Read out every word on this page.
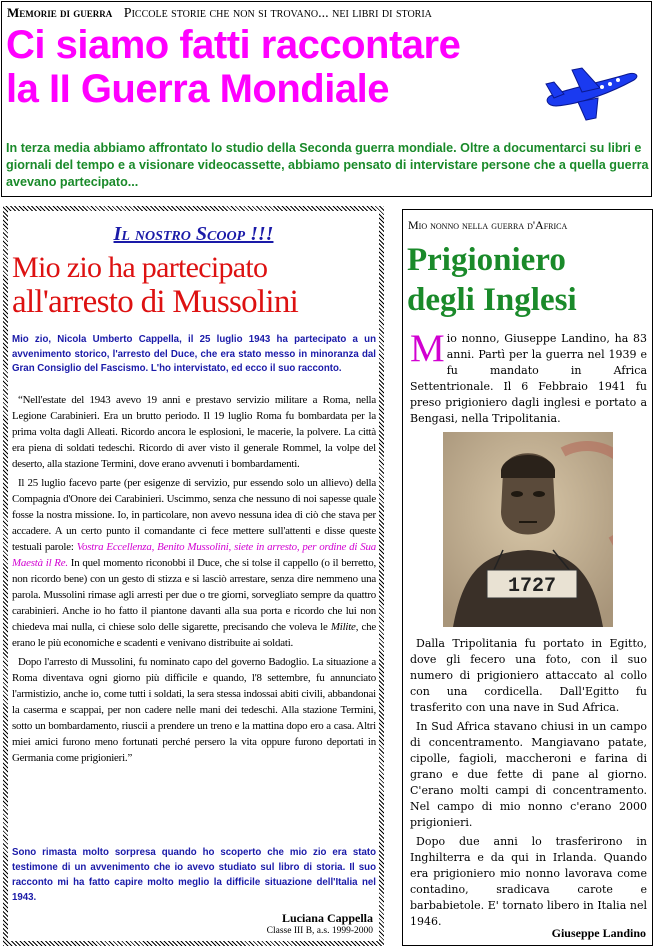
Memorie di guerra Piccole storie che non si trovano... nei libri di storia
Ci siamo fatti raccontare
la II Guerra Mondiale
In terza media abbiamo affrontato lo studio della Seconda guerra mondiale. Oltre a documentarci su libri e giornali del tempo e a visionare videocassette, abbiamo pensato di intervistare persone che a quella guerra avevano partecipato...
Il nostro Scoop !!!
Mio zio ha partecipato
all'arresto di Mussolini
Mio zio, Nicola Umberto Cappella, il 25 luglio 1943 ha partecipato a un avvenimento storico, l'arresto del Duce, che era stato messo in minoranza dal Gran Consiglio del Fascismo. L'ho intervistato, ed ecco il suo racconto.

“Nell'estate del 1943 avevo 19 anni e prestavo servizio militare a Roma, nella Legione Carabinieri. Era un brutto periodo. Il 19 luglio Roma fu bombardata per la prima volta dagli Alleati. Ricordo ancora le esplosioni, le macerie, la polvere. La città era piena di soldati tedeschi. Ricordo di aver visto il generale Rommel, la volpe del deserto, alla stazione Termini, dove erano avvenuti i bombardamenti.

Il 25 luglio facevo parte (per esigenze di servizio, pur essendo solo un allievo) della Compagnia d'Onore dei Carabinieri. Uscimmo, senza che nessuno di noi sapesse quale fosse la nostra missione. Io, in particolare, non avevo nessuna idea di ciò che stava per accadere. A un certo punto il comandante ci fece mettere sull'attenti e disse queste testuali parole: Vostra Eccellenza, Benito Mussolini, siete in arresto, per ordine di Sua Maestà il Re. In quel momento riconobbi il Duce, che si tolse il cappello (o il berretto, non ricordo bene) con un gesto di stizza e si lasciò arrestare, senza dire nemmeno una parola. Mussolini rimase agli arresti per due o tre giorni, sorvegliato sempre da quattro carabinieri. Anche io ho fatto il piantone davanti alla sua porta e ricordo che lui non chiedeva mai nulla, ci chiese solo delle sigarette, precisando che voleva le Milite, che erano le più economiche e scadenti e venivano distribuite ai soldati.

Dopo l'arresto di Mussolini, fu nominato capo del governo Badoglio. La situazione a Roma diventava ogni giorno più difficile e quando, l'8 settembre, fu annunciato l'armistizio, anche io, come tutti i soldati, la sera stessa indossai abiti civili, abbandonai la caserma e scappai, per non cadere nelle mani dei tedeschi. Alla stazione Termini, sotto un bombardamento, riuscii a prendere un treno e la mattina dopo ero a casa. Altri miei amici furono meno fortunati perché persero la vita oppure furono deportati in Germania come prigionieri.”

Sono rimasta molto sorpresa quando ho scoperto che mio zio era stato testimone di un avvenimento che io avevo studiato sul libro di storia. Il suo racconto mi ha fatto capire molto meglio la difficile situazione dell'Italia nel 1943.
Luciana Cappella
Classe III B, a.s. 1999-2000
Mio nonno nella guerra d'Africa
Prigioniero
degli Inglesi
Mio nonno, Giuseppe Landino, ha 83 anni. Partì per la guerra nel 1939 e fu mandato in Africa Settentrionale. Il 6 Febbraio 1941 fu preso prigioniero dagli inglesi e portato a Bengasi, nella Tripolitania.
1727

Dalla Tripolitania fu portato in Egitto, dove gli fecero una foto, con il suo numero di prigioniero attaccato al collo con una cordicella. Dall'Egitto fu trasferito con una nave in Sud Africa.

In Sud Africa stavano chiusi in un campo di concentramento. Mangiavano patate, cipolle, fagioli, maccheroni e farina di grano e due fette di pane al giorno. C'erano molti campi di concentramento. Nel campo di mio nonno c'erano 2000 prigionieri.

Dopo due anni lo trasferirono in Inghilterra e da qui in Irlanda. Quando era prigioniero mio nonno lavorava come contadino, sradicava carote e barbabietole. E' tornato libero in Italia nel 1946.

Giuseppe Landino
